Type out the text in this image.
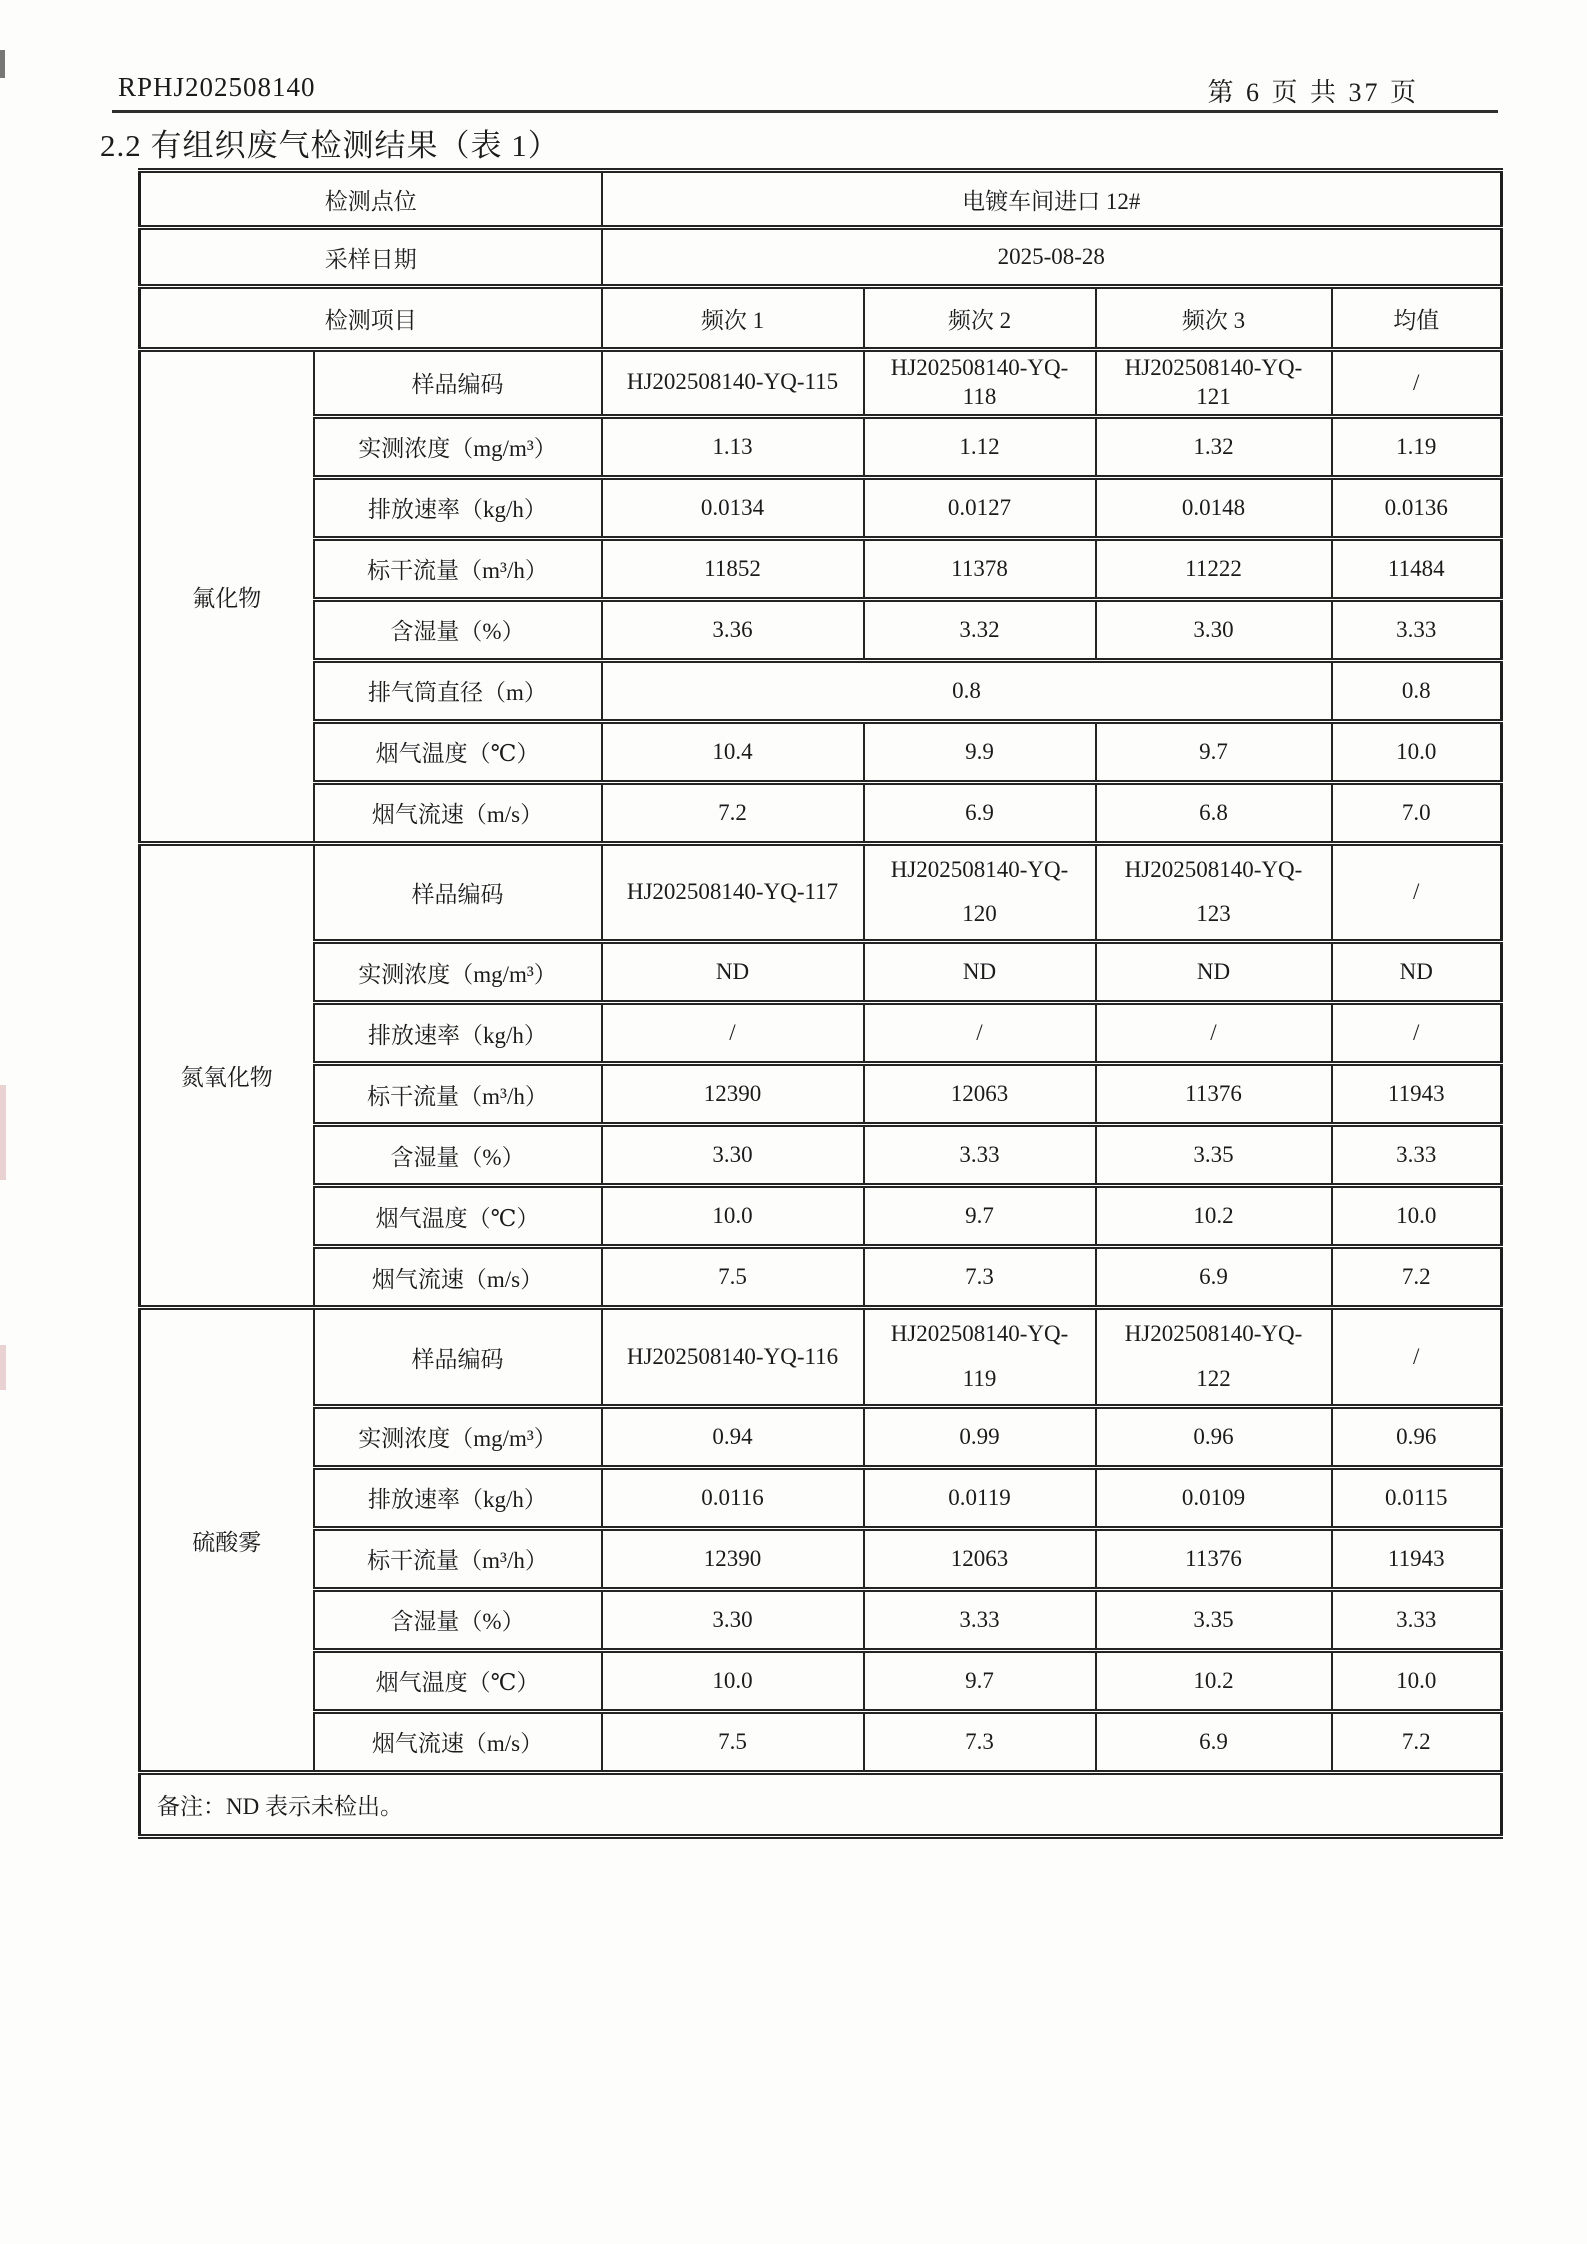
RPHJ202508140	第 6 页 共 37 页
2.2 有组织废气检测结果（表 1）
检测点位		电镀车间进口 12#			
采样日期		2025-08-28			
检测项目		频次 1	频次 2	频次 3	均值
氟化物	样品编码	HJ202508140-YQ-115	HJ202508140-YQ-118	HJ202508140-YQ-121	/
	实测浓度（mg/m³）	1.13	1.12	1.32	1.19
	排放速率（kg/h）	0.0134	0.0127	0.0148	0.0136
	标干流量（m³/h）	11852	11378	11222	11484
	含湿量（%）	3.36	3.32	3.30	3.33
	排气筒直径（m）	0.8			0.8
	烟气温度（℃）	10.4	9.9	9.7	10.0
	烟气流速（m/s）	7.2	6.9	6.8	7.0
氮氧化物	样品编码	HJ202508140-YQ-117	HJ202508140-YQ-120	HJ202508140-YQ-123	/
	实测浓度（mg/m³）	ND	ND	ND	ND
	排放速率（kg/h）	/	/	/	/
	标干流量（m³/h）	12390	12063	11376	11943
	含湿量（%）	3.30	3.33	3.35	3.33
	烟气温度（℃）	10.0	9.7	10.2	10.0
	烟气流速（m/s）	7.5	7.3	6.9	7.2
硫酸雾	样品编码	HJ202508140-YQ-116	HJ202508140-YQ-119	HJ202508140-YQ-122	/
	实测浓度（mg/m³）	0.94	0.99	0.96	0.96
	排放速率（kg/h）	0.0116	0.0119	0.0109	0.0115
	标干流量（m³/h）	12390	12063	11376	11943
	含湿量（%）	3.30	3.33	3.35	3.33
	烟气温度（℃）	10.0	9.7	10.2	10.0
	烟气流速（m/s）	7.5	7.3	6.9	7.2
备注：ND 表示未检出。					
